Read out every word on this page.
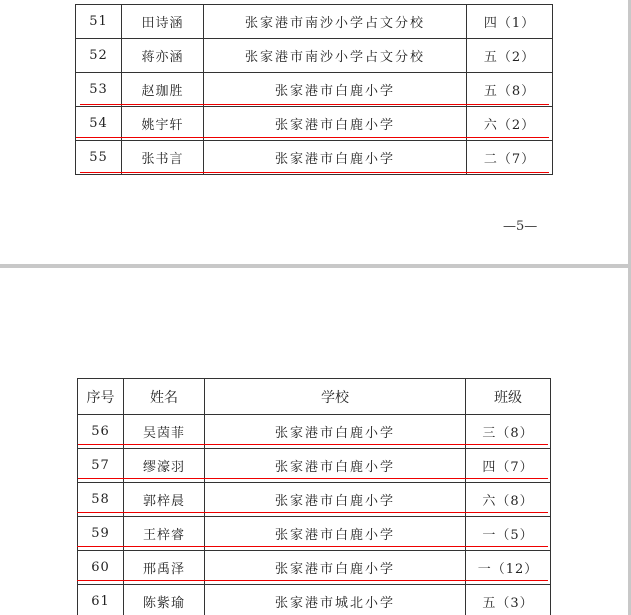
51	田诗涵	张家港市南沙小学占文分校	四（1）
52	蒋亦涵	张家港市南沙小学占文分校	五（2）
53	赵珈胜	张家港市白鹿小学	五（8）
54	姚宇轩	张家港市白鹿小学	六（2）
55	张书言	张家港市白鹿小学	二（7）
—5—
序号	姓名	学校	班级
56	吴茵菲	张家港市白鹿小学	三（8）
57	缪濠羽	张家港市白鹿小学	四（7）
58	郭梓晨	张家港市白鹿小学	六（8）
59	王梓睿	张家港市白鹿小学	一（5）
60	邢禹泽	张家港市白鹿小学	一（12）
61	陈紫瑜	张家港市城北小学	五（3）
